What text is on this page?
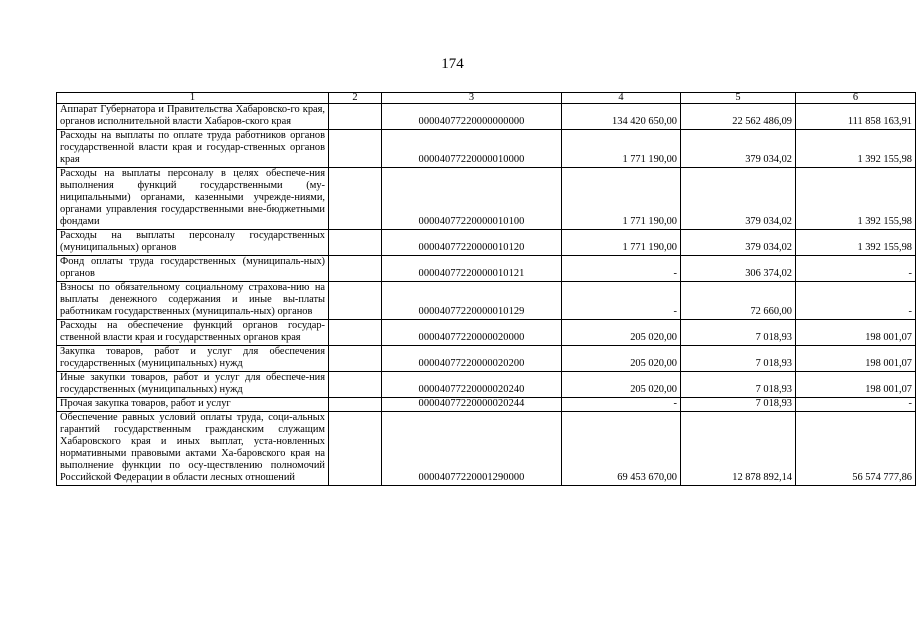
174
1	2	3	4	5	6
Аппарат Губернатора и Правительства Хабаровско-го края, органов исполнительной власти Хабаров-ского края		00004077220000000000	134 420 650,00	22 562 486,09	111 858 163,91
Расходы на выплаты по оплате труда работников органов государственной власти края и государ-ственных органов края		00004077220000010000	1 771 190,00	379 034,02	1 392 155,98
Расходы на выплаты персоналу в целях обеспече-ния выполнения функций государственными (му-ниципальными) органами, казенными учрежде-ниями, органами управления государственными вне-бюджетными фондами		00004077220000010100	1 771 190,00	379 034,02	1 392 155,98
Расходы на выплаты персоналу государственных (муниципальных) органов		00004077220000010120	1 771 190,00	379 034,02	1 392 155,98
Фонд оплаты труда государственных (муниципаль-ных) органов		00004077220000010121	-	306 374,02	-
Взносы по обязательному социальному страхова-нию на выплаты денежного содержания и иные вы-платы работникам государственных (муниципаль-ных) органов		00004077220000010129	-	72 660,00	-
Расходы на обеспечение функций органов государ-ственной власти края и государственных органов края		00004077220000020000	205 020,00	7 018,93	198 001,07
Закупка товаров, работ и услуг для обеспечения государственных (муниципальных) нужд		00004077220000020200	205 020,00	7 018,93	198 001,07
Иные закупки товаров, работ и услуг для обеспече-ния государственных (муниципальных) нужд		00004077220000020240	205 020,00	7 018,93	198 001,07
Прочая закупка товаров, работ и услуг		00004077220000020244	-	7 018,93	-
Обеспечение равных условий оплаты труда, соци-альных гарантий государственным гражданским служащим Хабаровского края и иных выплат, уста-новленных нормативными правовыми актами Ха-баровского края на выполнение функции по осу-ществлению полномочий Российской Федерации в области лесных отношений		00004077220001290000	69 453 670,00	12 878 892,14	56 574 777,86
